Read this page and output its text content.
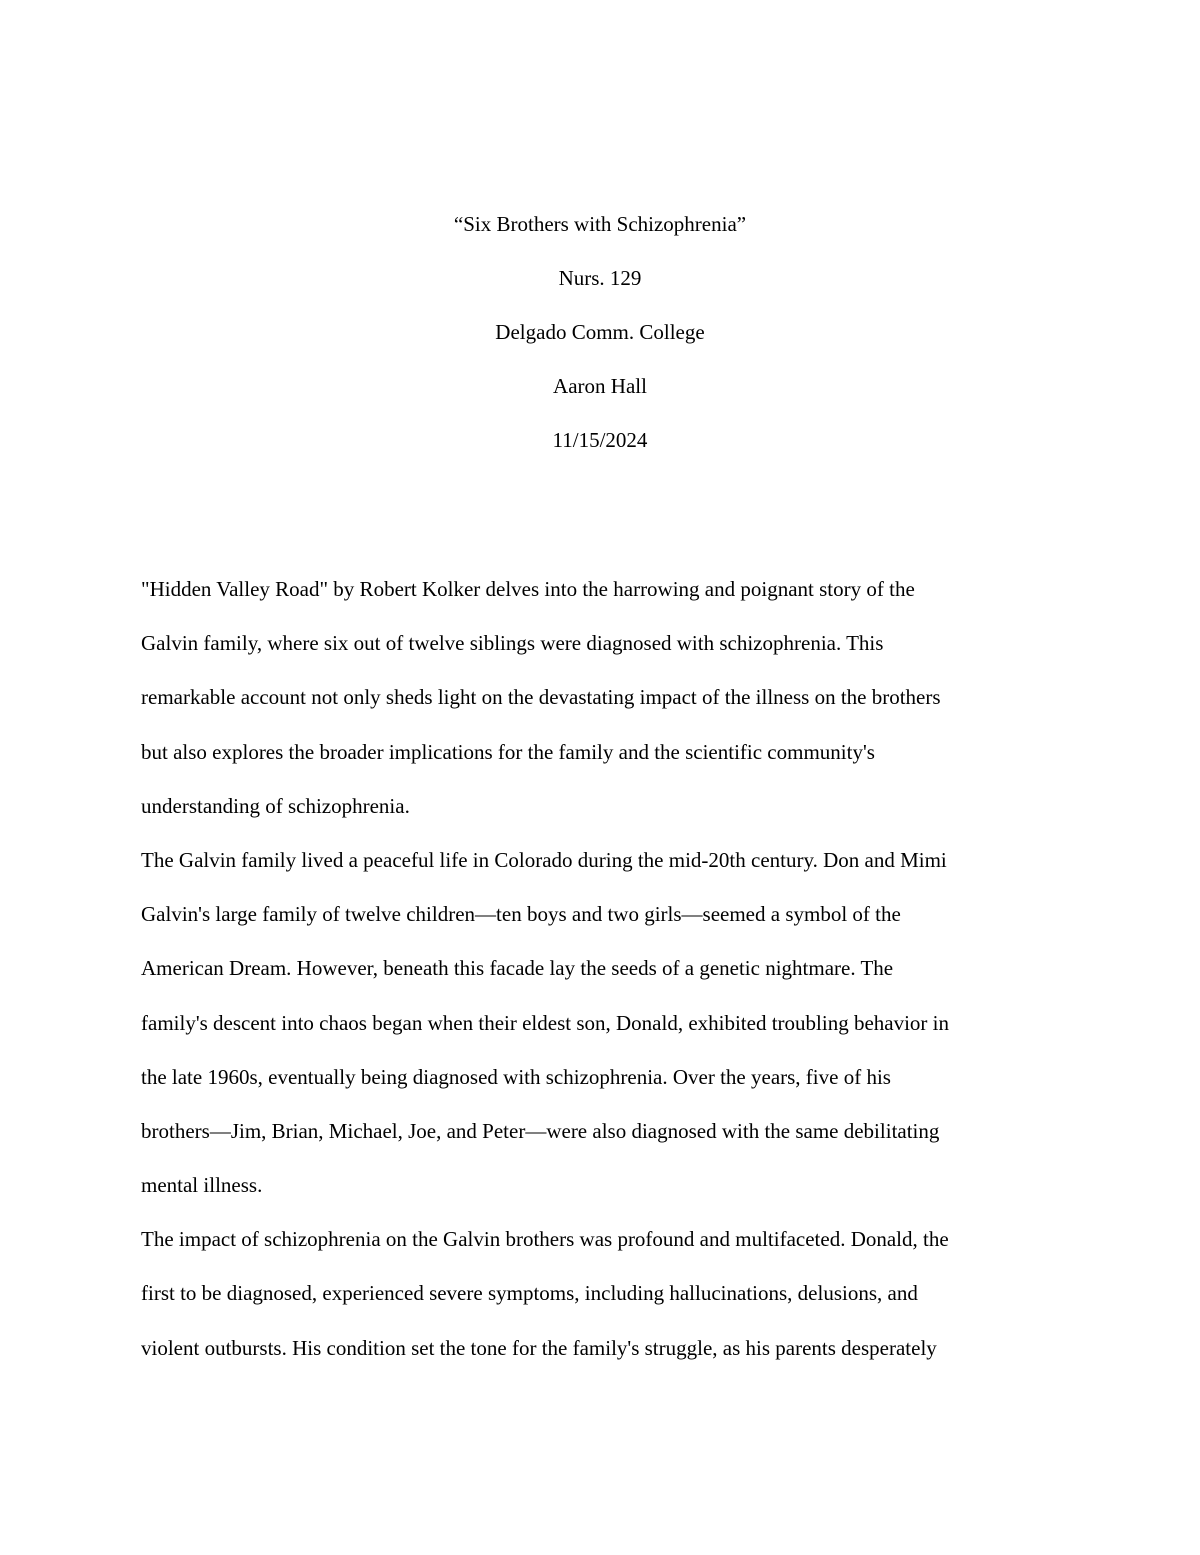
“Six Brothers with Schizophrenia”
Nurs. 129
Delgado Comm. College
Aaron Hall
11/15/2024
"Hidden Valley Road" by Robert Kolker delves into the harrowing and poignant story of the
Galvin family, where six out of twelve siblings were diagnosed with schizophrenia. This
remarkable account not only sheds light on the devastating impact of the illness on the brothers
but also explores the broader implications for the family and the scientific community's
understanding of schizophrenia.
The Galvin family lived a peaceful life in Colorado during the mid-20th century. Don and Mimi
Galvin's large family of twelve children—ten boys and two girls—seemed a symbol of the
American Dream. However, beneath this facade lay the seeds of a genetic nightmare. The
family's descent into chaos began when their eldest son, Donald, exhibited troubling behavior in
the late 1960s, eventually being diagnosed with schizophrenia. Over the years, five of his
brothers—Jim, Brian, Michael, Joe, and Peter—were also diagnosed with the same debilitating
mental illness.
The impact of schizophrenia on the Galvin brothers was profound and multifaceted. Donald, the
first to be diagnosed, experienced severe symptoms, including hallucinations, delusions, and
violent outbursts. His condition set the tone for the family's struggle, as his parents desperately
